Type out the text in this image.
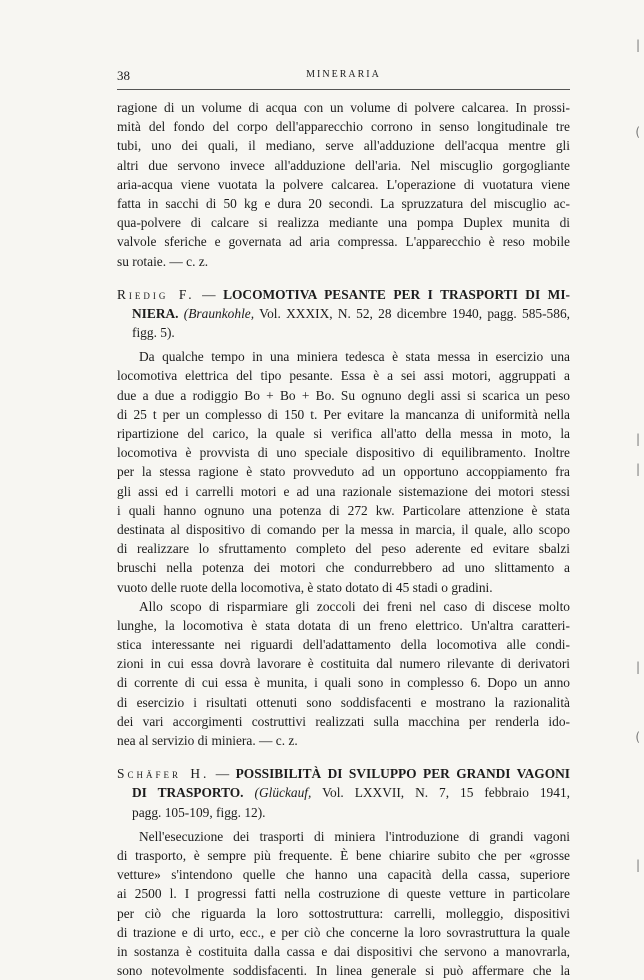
38	MINERARIA
ragione di un volume di acqua con un volume di polvere calcarea. In prossi-
mità del fondo del corpo dell'apparecchio corrono in senso longitudinale tre
tubi, uno dei quali, il mediano, serve all'adduzione dell'acqua mentre gli
altri due servono invece all'adduzione dell'aria. Nel miscuglio gorgogliante
aria-acqua viene vuotata la polvere calcarea. L'operazione di vuotatura viene
fatta in sacchi di 50 kg e dura 20 secondi. La spruzzatura del miscuglio ac-
qua-polvere di calcare si realizza mediante una pompa Duplex munita di
valvole sferiche e governata ad aria compressa. L'apparecchio è reso mobile
su rotaie. — c. z.
Riedig F. — LOCOMOTIVA PESANTE PER I TRASPORTI DI MI-
NIERA. (Braunkohle, Vol. XXXIX, N. 52, 28 dicembre 1940, pagg. 585-586,
figg. 5).
Da qualche tempo in una miniera tedesca è stata messa in esercizio una
locomotiva elettrica del tipo pesante. Essa è a sei assi motori, aggruppati a
due a due a rodiggio Bo + Bo + Bo. Su ognuno degli assi si scarica un peso
di 25 t per un complesso di 150 t. Per evitare la mancanza di uniformità nella
ripartizione del carico, la quale si verifica all'atto della messa in moto, la
locomotiva è provvista di uno speciale dispositivo di equilibramento. Inoltre
per la stessa ragione è stato provveduto ad un opportuno accoppiamento fra
gli assi ed i carrelli motori e ad una razionale sistemazione dei motori stessi
i quali hanno ognuno una potenza di 272 kw. Particolare attenzione è stata
destinata al dispositivo di comando per la messa in marcia, il quale, allo scopo
di realizzare lo sfruttamento completo del peso aderente ed evitare sbalzi
bruschi nella potenza dei motori che condurrebbero ad uno slittamento a
vuoto delle ruote della locomotiva, è stato dotato di 45 stadi o gradini.
Allo scopo di risparmiare gli zoccoli dei freni nel caso di discese molto
lunghe, la locomotiva è stata dotata di un freno elettrico. Un'altra caratteri-
stica interessante nei riguardi dell'adattamento della locomotiva alle condi-
zioni in cui essa dovrà lavorare è costituita dal numero rilevante di derivatori
di corrente di cui essa è munita, i quali sono in complesso 6. Dopo un anno
di esercizio i risultati ottenuti sono soddisfacenti e mostrano la razionalità
dei vari accorgimenti costruttivi realizzati sulla macchina per renderla ido-
nea al servizio di miniera. — c. z.
Schäfer H. — POSSIBILITÀ DI SVILUPPO PER GRANDI VAGONI
DI TRASPORTO. (Glückauf, Vol. LXXVII, N. 7, 15 febbraio 1941,
pagg. 105-109, figg. 12).
Nell'esecuzione dei trasporti di miniera l'introduzione di grandi vagoni
di trasporto, è sempre più frequente. È bene chiarire subito che per «grosse
vetture» s'intendono quelle che hanno una capacità della cassa, superiore
ai 2500 l. I progressi fatti nella costruzione di queste vetture in particolare
per ciò che riguarda la loro sottostruttura: carrelli, molleggio, dispositivi
di trazione e di urto, ecc., e per ciò che concerne la loro sovrastruttura la quale
in sostanza è costituita dalla cassa e dai dispositivi che servono a manovrarla,
sono notevolmente soddisfacenti. In linea generale si può affermare che la
|
(
|
|
|
(
|
